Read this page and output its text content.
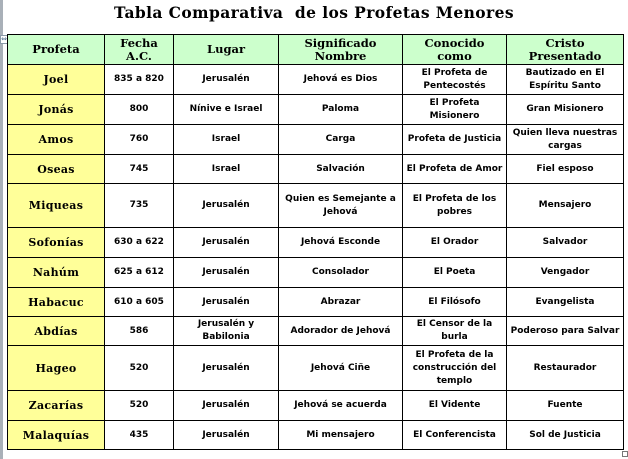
⇔
Tabla Comparativa  de los Profetas Menores
Profeta	Fecha A.C.	Lugar	Significado Nombre	Conocido como	Cristo Presentado
Joel	835 a 820	Jerusalén	Jehová es Dios	El Profeta de Pentecostés	Bautizado en El Espíritu Santo
Jonás	800	Nínive e Israel	Paloma	El Profeta Misionero	Gran Misionero
Amos	760	Israel	Carga	Profeta de Justicia	Quien lleva nuestras cargas
Oseas	745	Israel	Salvación	El Profeta de Amor	Fiel esposo
Miqueas	735	Jerusalén	Quien es Semejante a Jehová	El Profeta de los pobres	Mensajero
Sofonías	630 a 622	Jerusalén	Jehová Esconde	El Orador	Salvador
Nahúm	625 a 612	Jerusalén	Consolador	El Poeta	Vengador
Habacuc	610 a 605	Jerusalén	Abrazar	El Filósofo	Evangelista
Abdías	586	Jerusalén y Babilonia	Adorador de Jehová	El Censor de la burla	Poderoso para Salvar
Hageo	520	Jerusalén	Jehová Ciñe	El Profeta de la construcción del templo	Restaurador
Zacarías	520	Jerusalén	Jehová se acuerda	El Vidente	Fuente
Malaquías	435	Jerusalén	Mi mensajero	El Conferencista	Sol de Justicia
